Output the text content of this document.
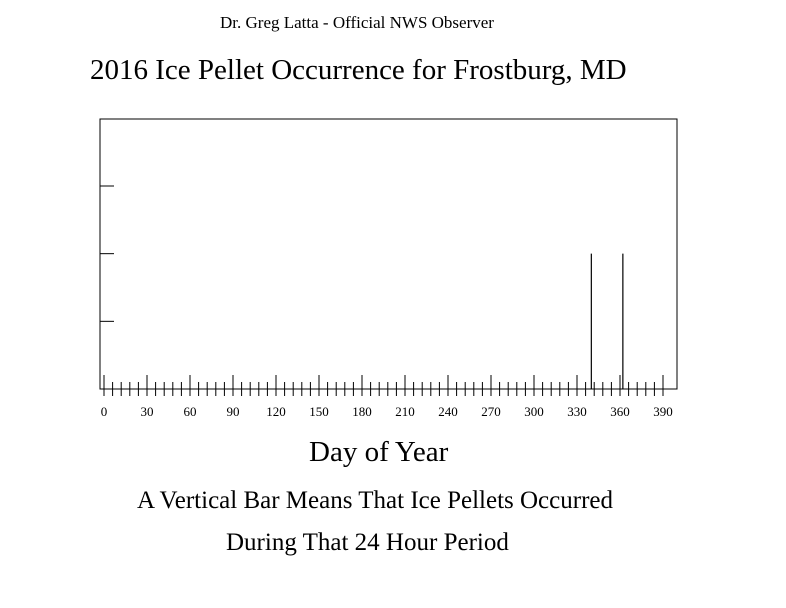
Dr. Greg Latta - Official NWS Observer
2016 Ice Pellet Occurrence for Frostburg, MD
0	30 60 90 120 150 180 210 240 270 300 330 360 390
Day of Year
A Vertical Bar Means That Ice Pellets Occurred
During That 24 Hour Period
